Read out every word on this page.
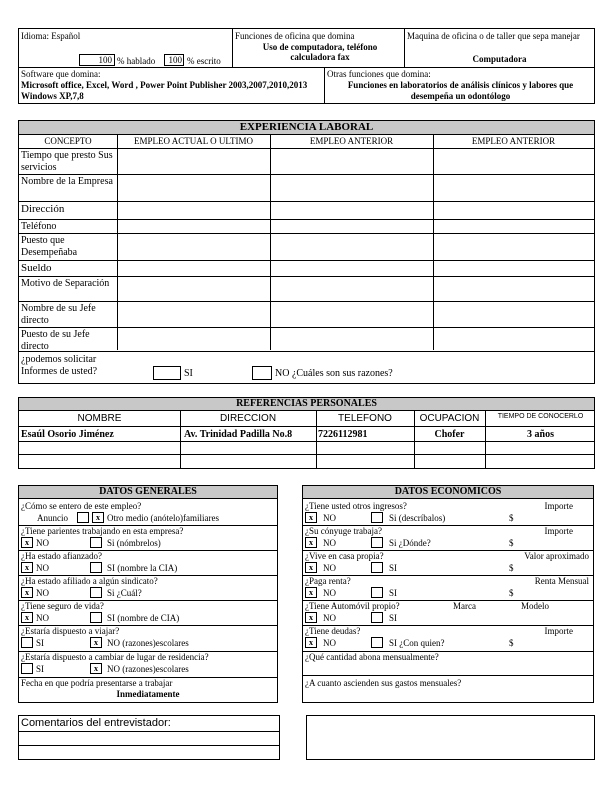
Idioma: Español
100 % hablado	100 % escrito
Funciones de oficina que domina
Uso de computadora, teléfono calculadora fax
Maquina de oficina o de taller que sepa manejar
Computadora
Software que domina:
Microsoft office, Excel, Word , Power Point Publisher 2003,2007,2010,2013 Windows XP,7,8
Otras funciones que domina:
Funciones en laboratorios de análisis clínicos y labores que desempeña un odontólogo
EXPERIENCIA LABORAL
CONCEPTO	EMPLEO ACTUAL O ULTIMO	EMPLEO ANTERIOR	EMPLEO ANTERIOR
Tiempo que presto Sus servicios
Nombre de la Empresa
Dirección
Teléfono
Puesto que Desempeñaba
Sueldo
Motivo de Separación
Nombre de su Jefe directo
Puesto de su Jefe directo
¿podemos solicitar Informes de usted?	SI	NO ¿Cuáles son sus razones?
REFERENCIAS PERSONALES
NOMBRE	DIRECCION	TELEFONO	OCUPACION	TIEMPO DE CONOCERLO
Esaúl Osorio Jiménez	Av. Trinidad Padilla No.8	7226112981	Chofer	3 años
DATOS GENERALES
¿Cómo se entero de este empleo?
Anuncio	x Otro medio (anótelo)familiares
¿Tiene parientes trabajando en esta empresa?
x NO	Si (nómbrelos)
¿Ha estado afianzado?
x NO	SI (nombre la CIA)
¿Ha estado afiliado a algún sindicato?
x NO	Si ¿Cuál?
¿Tiene seguro de vida?
x NO	SI (nombre de CIA)
¿Estaría dispuesto a viajar?
SI	x	NO (razones)escolares
¿Estaría dispuesto a cambiar de lugar de residencia?
SI	x	NO (razones)escolares
Fecha en que podría presentarse a trabajar
Inmediatamente
DATOS ECONOMICOS
¿Tiene usted otros ingresos?	Importe
x	NO	Si (descríbalos)	$
¿Su cónyuge trabaja?	Importe
x	NO	Si ¿Dónde?	$
¿Vive en casa propia?	Valor aproximado
x	NO	SI	$
¿Paga renta?	Renta Mensual
x	NO	SI	$
¿Tiene Automóvil propio?	Marca	Modelo
x	NO	SI
¿Tiene deudas?	Importe
x	NO	SI ¿Con quien?	$
¿Qué cantidad abona mensualmente?
¿A cuanto ascienden sus gastos mensuales?
Comentarios del entrevistador:
